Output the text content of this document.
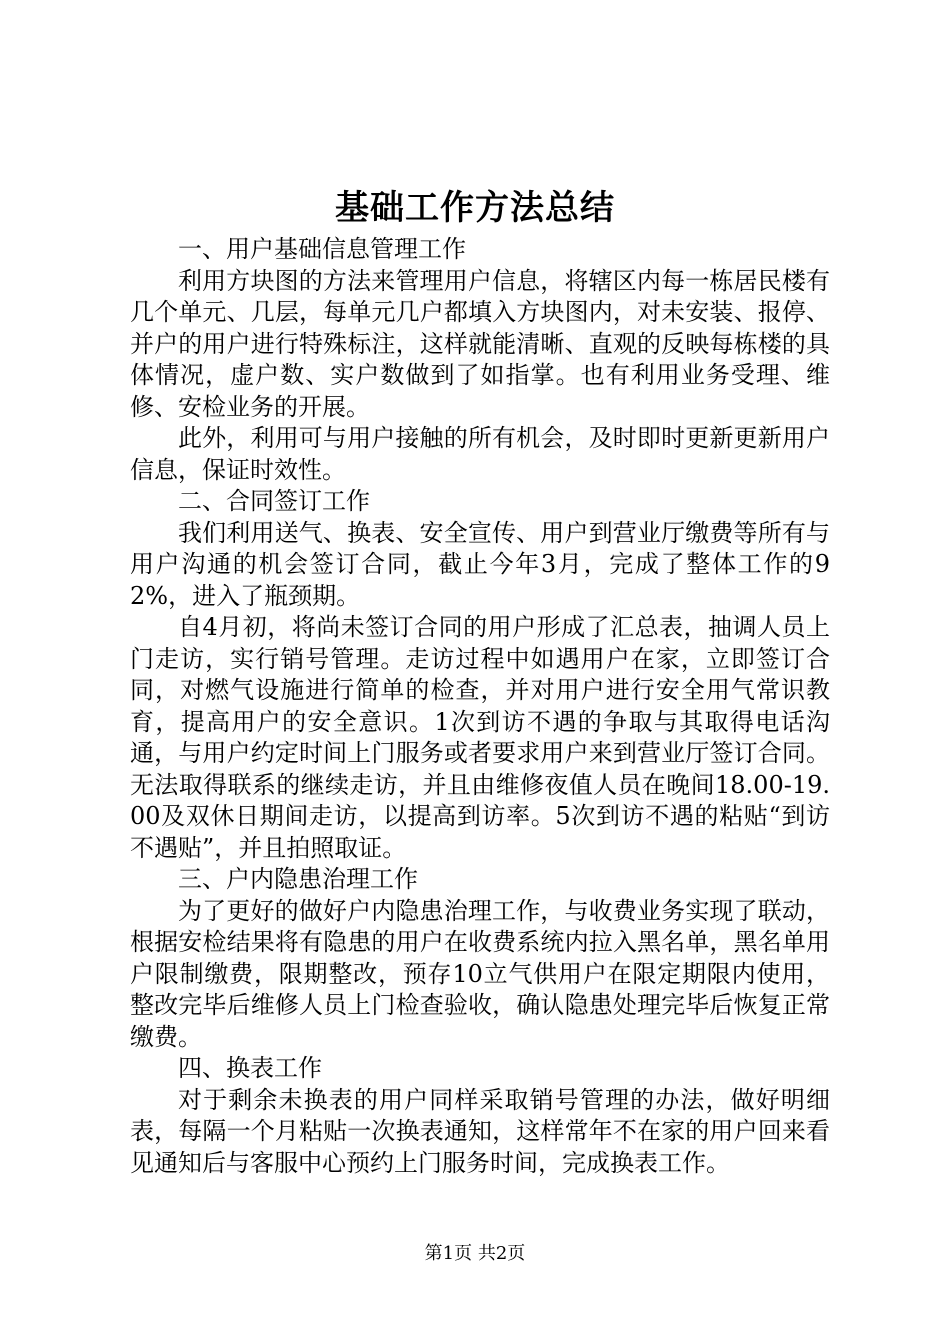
基础工作方法总结

一、用户基础信息管理工作

利用方块图的方法来管理用户信息，将辖区内每一栋居民楼有几个单元、几层，每单元几户都填入方块图内，对未安装、报停、并户的用户进行特殊标注，这样就能清晰、直观的反映每栋楼的具体情况，虚户数、实户数做到了如指掌。也有利用业务受理、维修、安检业务的开展。

此外，利用可与用户接触的所有机会，及时即时更新更新用户信息，保证时效性。

二、合同签订工作

我们利用送气、换表、安全宣传、用户到营业厅缴费等所有与用户沟通的机会签订合同，截止今年3月，完成了整体工作的92%，进入了瓶颈期。

自4月初，将尚未签订合同的用户形成了汇总表，抽调人员上门走访，实行销号管理。走访过程中如遇用户在家，立即签订合同，对燃气设施进行简单的检查，并对用户进行安全用气常识教育，提高用户的安全意识。1次到访不遇的争取与其取得电话沟通，与用户约定时间上门服务或者要求用户来到营业厅签订合同。无法取得联系的继续走访，并且由维修夜值人员在晚间18.00-19.00及双休日期间走访，以提高到访率。5次到访不遇的粘贴“到访不遇贴”，并且拍照取证。

三、户内隐患治理工作

为了更好的做好户内隐患治理工作，与收费业务实现了联动，根据安检结果将有隐患的用户在收费系统内拉入黑名单，黑名单用户限制缴费，限期整改，预存10立气供用户在限定期限内使用，整改完毕后维修人员上门检查验收，确认隐患处理完毕后恢复正常缴费。

四、换表工作

对于剩余未换表的用户同样采取销号管理的办法，做好明细表，每隔一个月粘贴一次换表通知，这样常年不在家的用户回来看见通知后与客服中心预约上门服务时间，完成换表工作。

第1页 共2页
